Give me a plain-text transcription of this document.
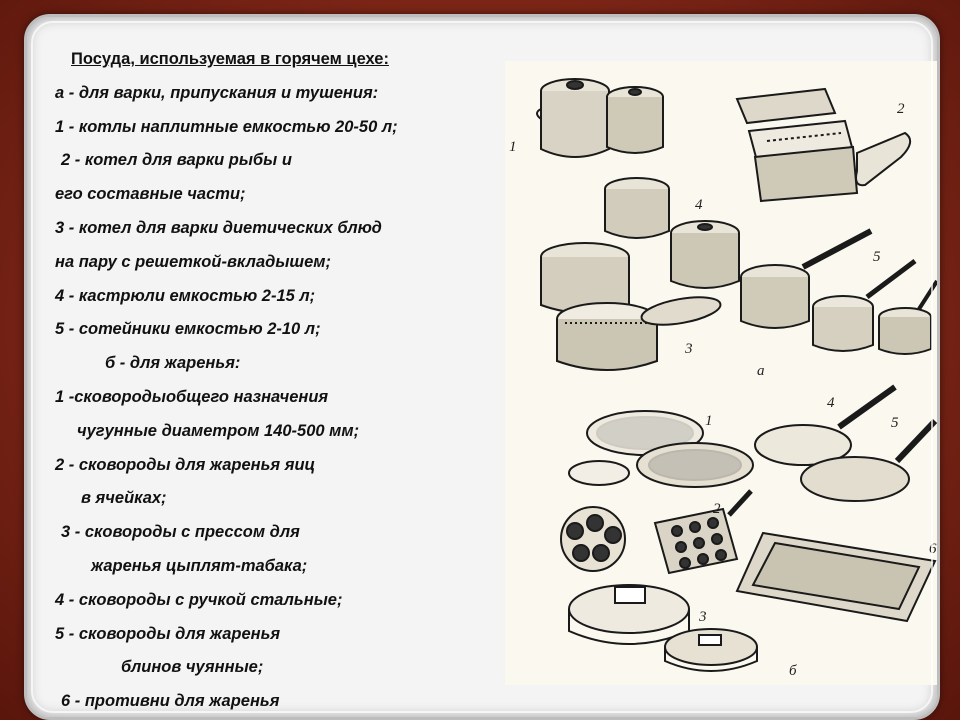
Посуда, используемая в горячем цехе:
а - для варки, припускания и тушения:
1 - котлы наплитные емкостью 20-50 л;
2 - котел для варки рыбы и
его составные части;
3 - котел для варки диетических блюд
на пару с решеткой-вкладышем;
4 - кастрюли емкостью 2-15 л;
5 - сотейники емкостью 2-10 л;
б - для жаренья:
1 -сковородыобщего назначения
чугунные диаметром 140-500 мм;
2 - сковороды для жаренья яиц
в ячейках;
3 - сковороды с прессом для
жаренья цыплят-табака;
4 - сковороды с ручкой стальные;
5 - сковороды для жаренья
блинов чуянные;
6 - противни для жаренья
1
2
3
4
5
а
1
2
3
4
5
6
б
